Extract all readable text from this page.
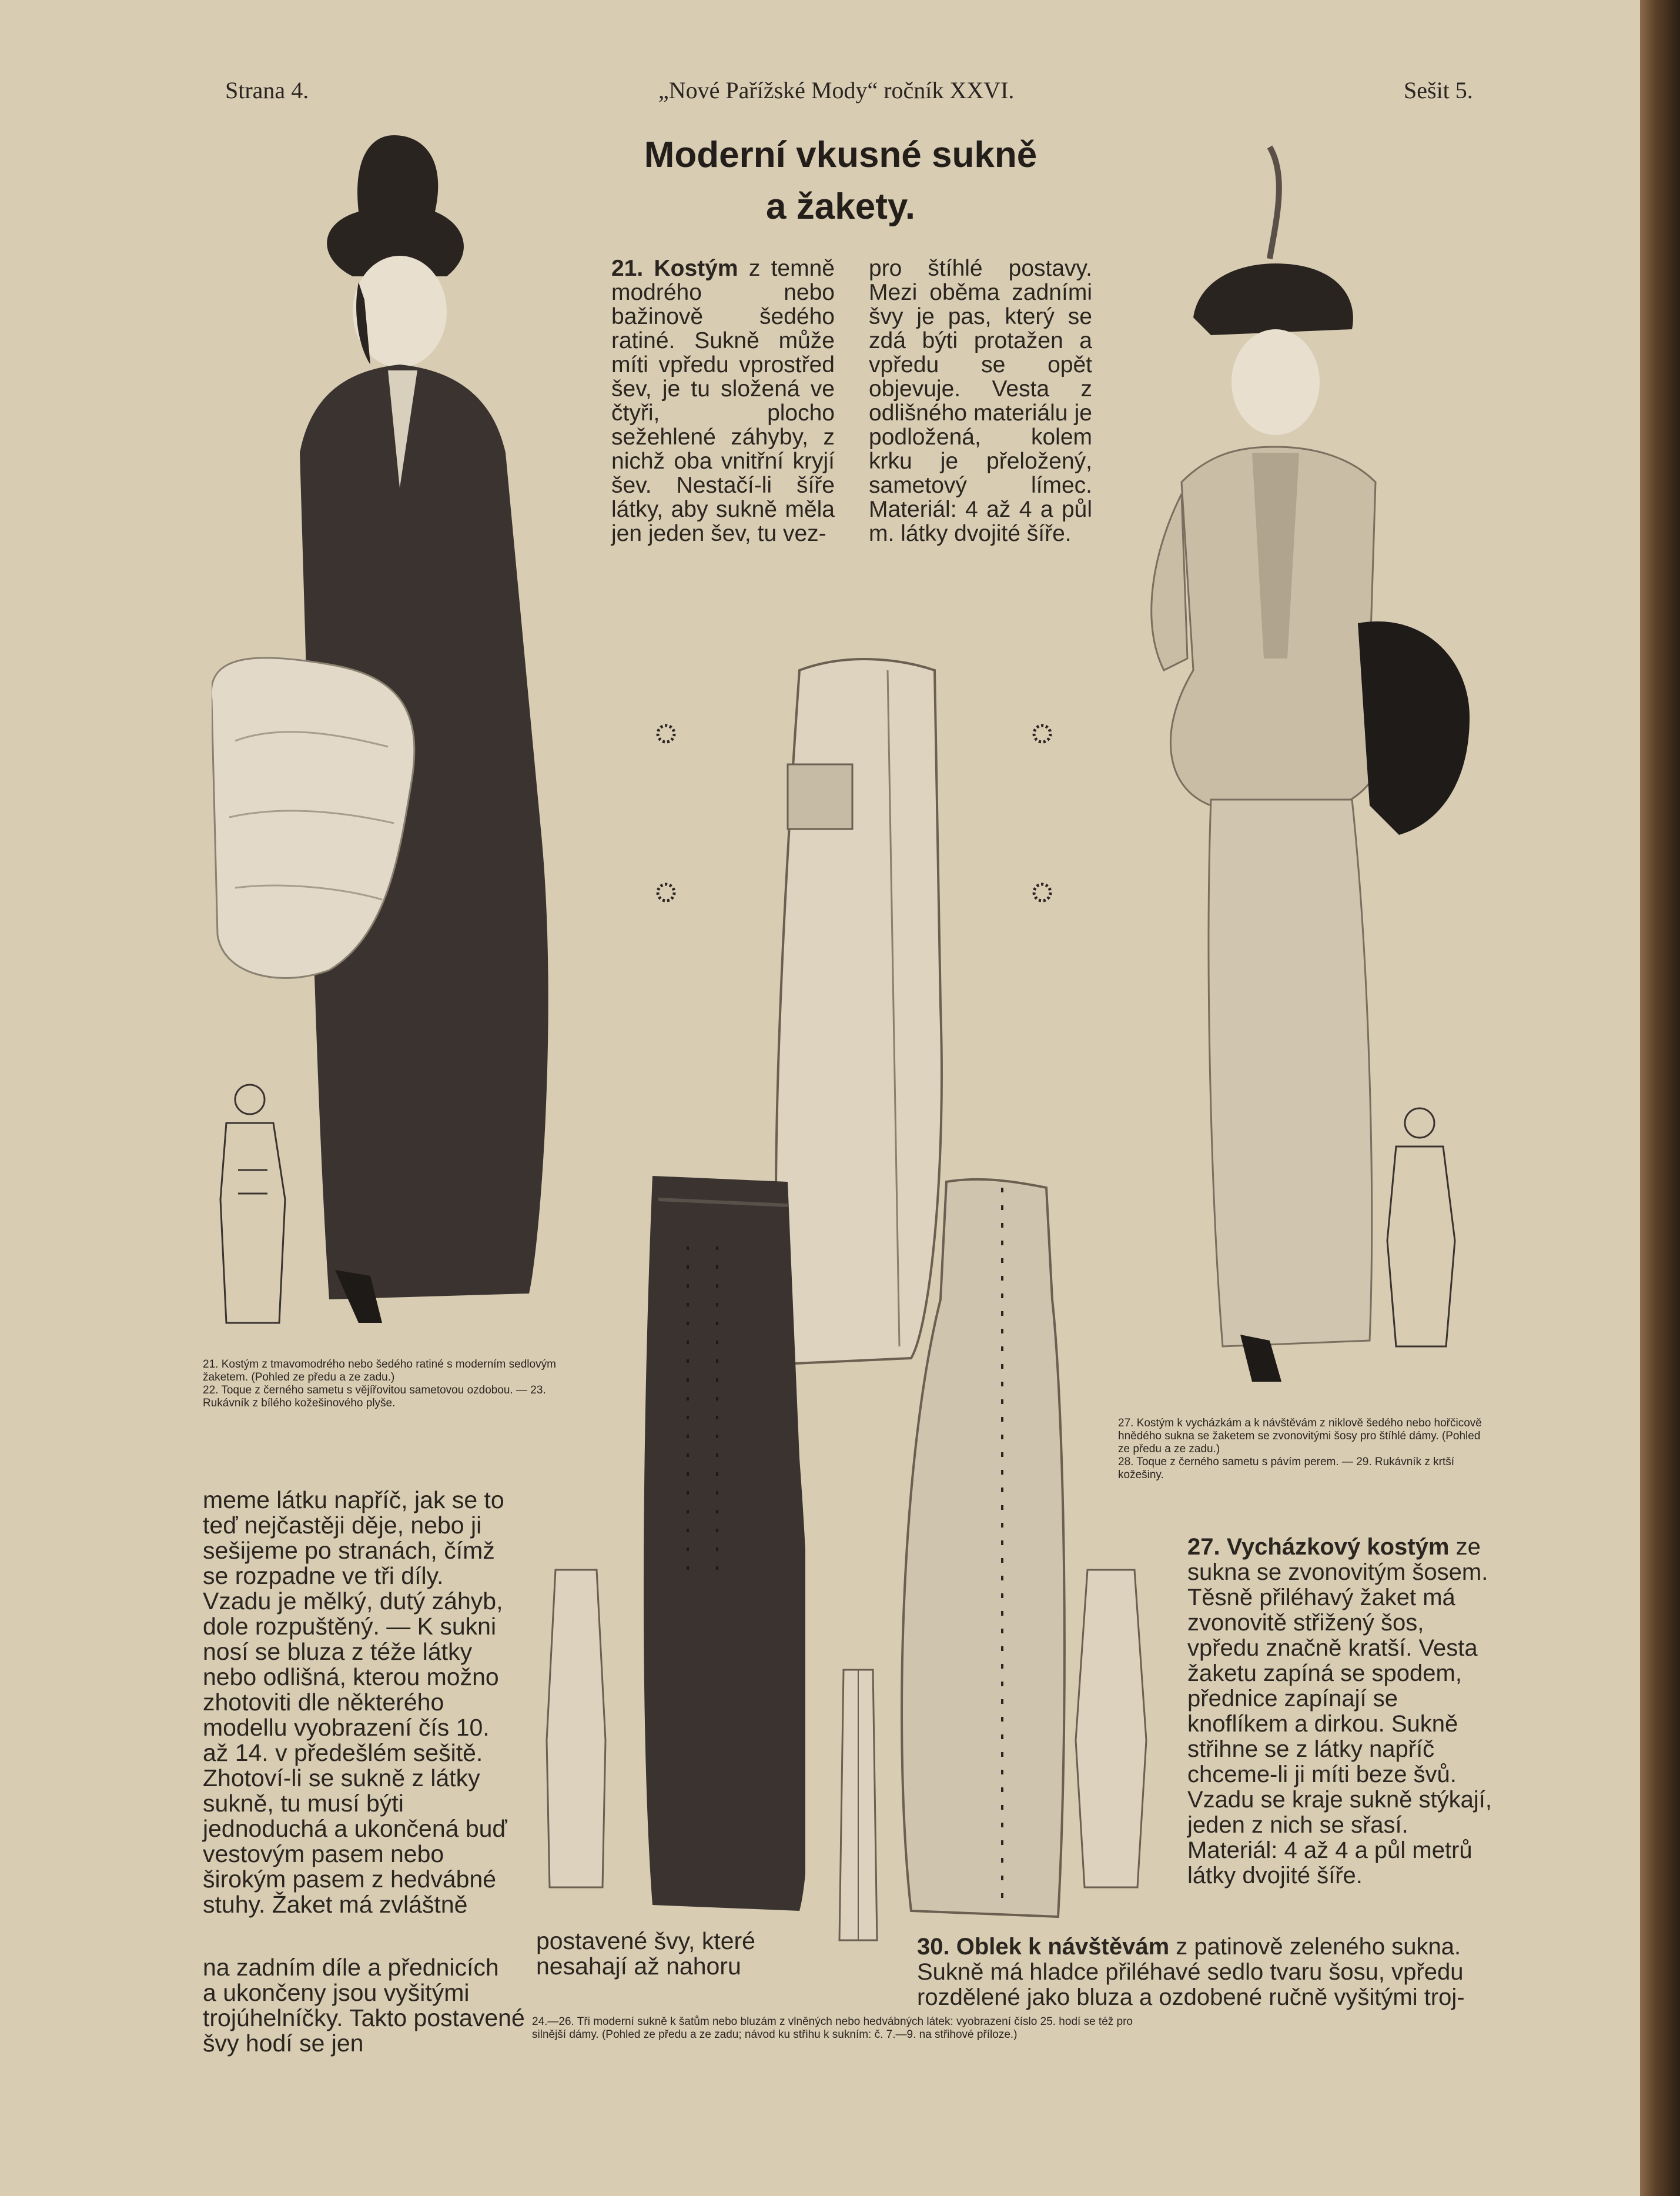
Strana 4.	„Nové Pařížské Mody“ ročník XXVI.	Sešit 5.
Moderní vkusné sukně
a žakety.
21. Kostým z temně modrého nebo bažinově šedého ratiné. Sukně může míti vpředu vprostřed šev, je tu složená ve čtyři, plocho sežehlené záhyby, z nichž oba vnitřní kryjí šev. Nestačí-li šíře látky, aby sukně měla jen jeden šev, tu vez-
pro štíhlé postavy. Mezi oběma zadními švy je pas, který se zdá býti protažen a vpředu se opět objevuje. Vesta z odlišného materiálu je podložená, kolem krku je přeložený, sametový límec. Materiál: 4 až 4 a půl m. látky dvojité šíře.
21. Kostým z tmavomodrého nebo šedého ratiné s moderním sedlovým žaketem. (Pohled ze předu a ze zadu.)
22. Toque z černého sametu s vějířovitou sametovou ozdobou. — 23. Rukávník z bílého kožešinového plyše.
27. Kostým k vycházkám a k návštěvám z niklově šedého nebo hořčicově hnědého sukna se žaketem se zvonovitými šosy pro štíhlé dámy. (Pohled ze předu a ze zadu.)
28. Toque z černého sametu s pávím perem. — 29. Rukávník z krtší kožešiny.
24.—26. Tři moderní sukně k šatům nebo bluzám z vlněných nebo hedvábných látek: vyobrazení číslo 25. hodí se též pro silnější dámy. (Pohled ze předu a ze zadu; návod ku střihu k sukním: č. 7.—9. na střihové příloze.)
meme látku napříč, jak se to teď nejčastěji děje, nebo ji sešijeme po stranách, čímž se rozpadne ve tři díly. Vzadu je mělký, dutý záhyb, dole rozpuštěný. — K sukni nosí se bluza z téže látky nebo odlišná, kterou možno zhotoviti dle některého modellu vyobrazení čís 10. až 14. v předešlém sešitě. Zhotoví-li se sukně z látky sukně, tu musí býti jednoduchá a ukončená buď vestovým pasem nebo širokým pasem z hedvábné stuhy. Žaket má zvláštně
na zadním díle a přednicích
a ukončeny jsou vyšitými trojúhelníčky. Takto postavené švy hodí se jen
postavené švy, které nesahají až nahoru
27. Vycházkový kostým ze sukna se zvonovitým šosem. Těsně přiléhavý žaket má zvonovitě střižený šos, vpředu značně kratší. Vesta žaketu zapíná se spodem, přednice zapínají se knoflíkem a dirkou. Sukně střihne se z látky napříč chceme-li ji míti beze švů. Vzadu se kraje sukně stýkají, jeden z nich se sřasí. Materiál: 4 až 4 a půl metrů látky dvojité šíře.
30. Oblek k návštěvám z patinově zeleného sukna. Sukně má hladce přiléhavé sedlo tvaru šosu, vpředu rozdělené jako bluza a ozdobené ručně vyšitými troj-
